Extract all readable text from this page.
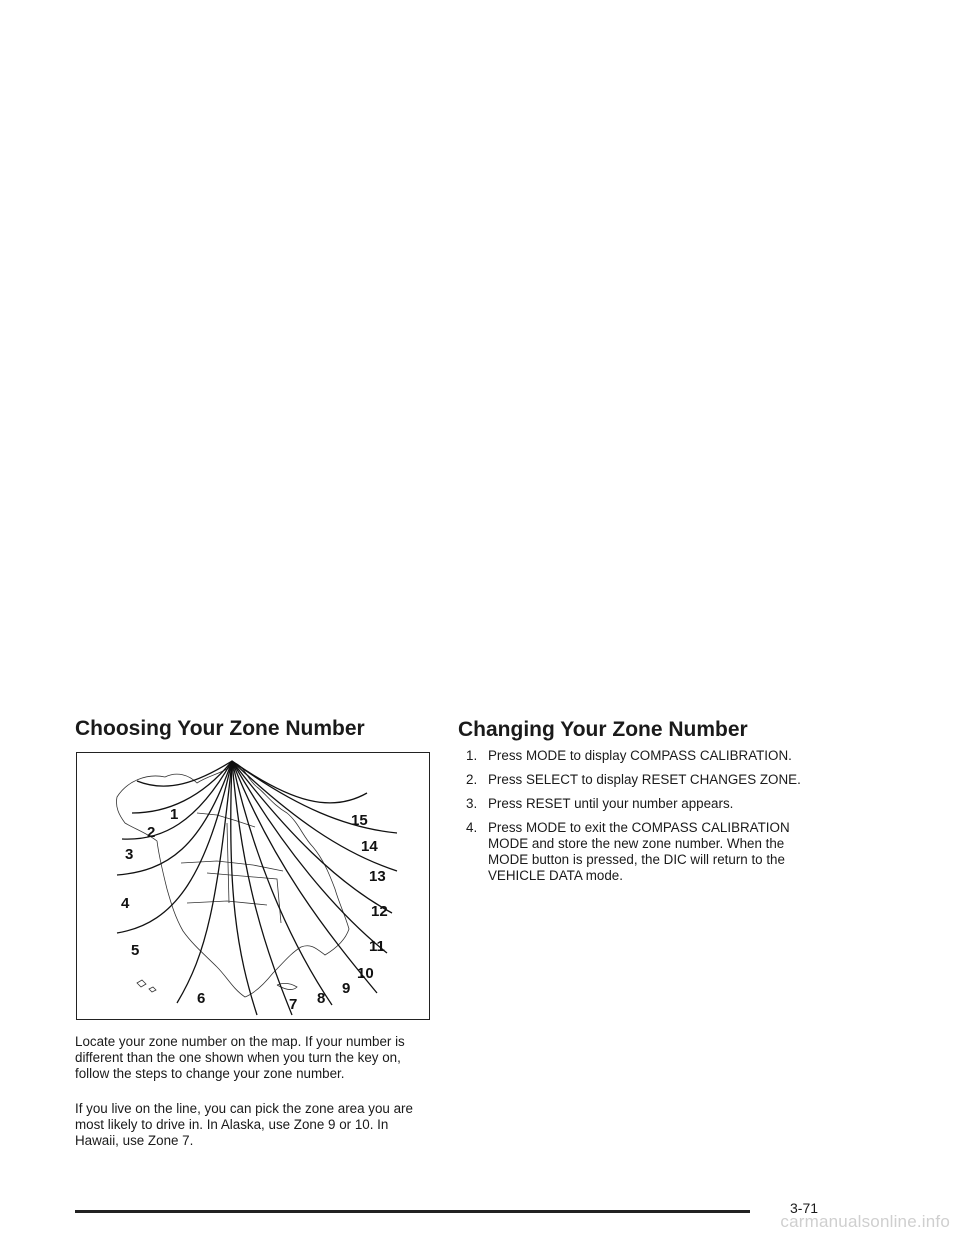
Choosing Your Zone Number	Changing Your Zone Number
1
2
3
4
5
6	7 8
9
10
11
12
13
14
15

Locate your zone number on the map. If your number is different than the one shown when you turn the key on, follow the steps to change your zone number.

If you live on the line, you can pick the zone area you are most likely to drive in. In Alaska, use Zone 9 or 10. In Hawaii, use Zone 7.

1. Press MODE to display COMPASS CALIBRATION.
2. Press SELECT to display RESET CHANGES ZONE.
3. Press RESET until your number appears.
4. Press MODE to exit the COMPASS CALIBRATION MODE and store the new zone number. When the MODE button is pressed, the DIC will return to the VEHICLE DATA mode.
3-71
carmanualsonline.info
